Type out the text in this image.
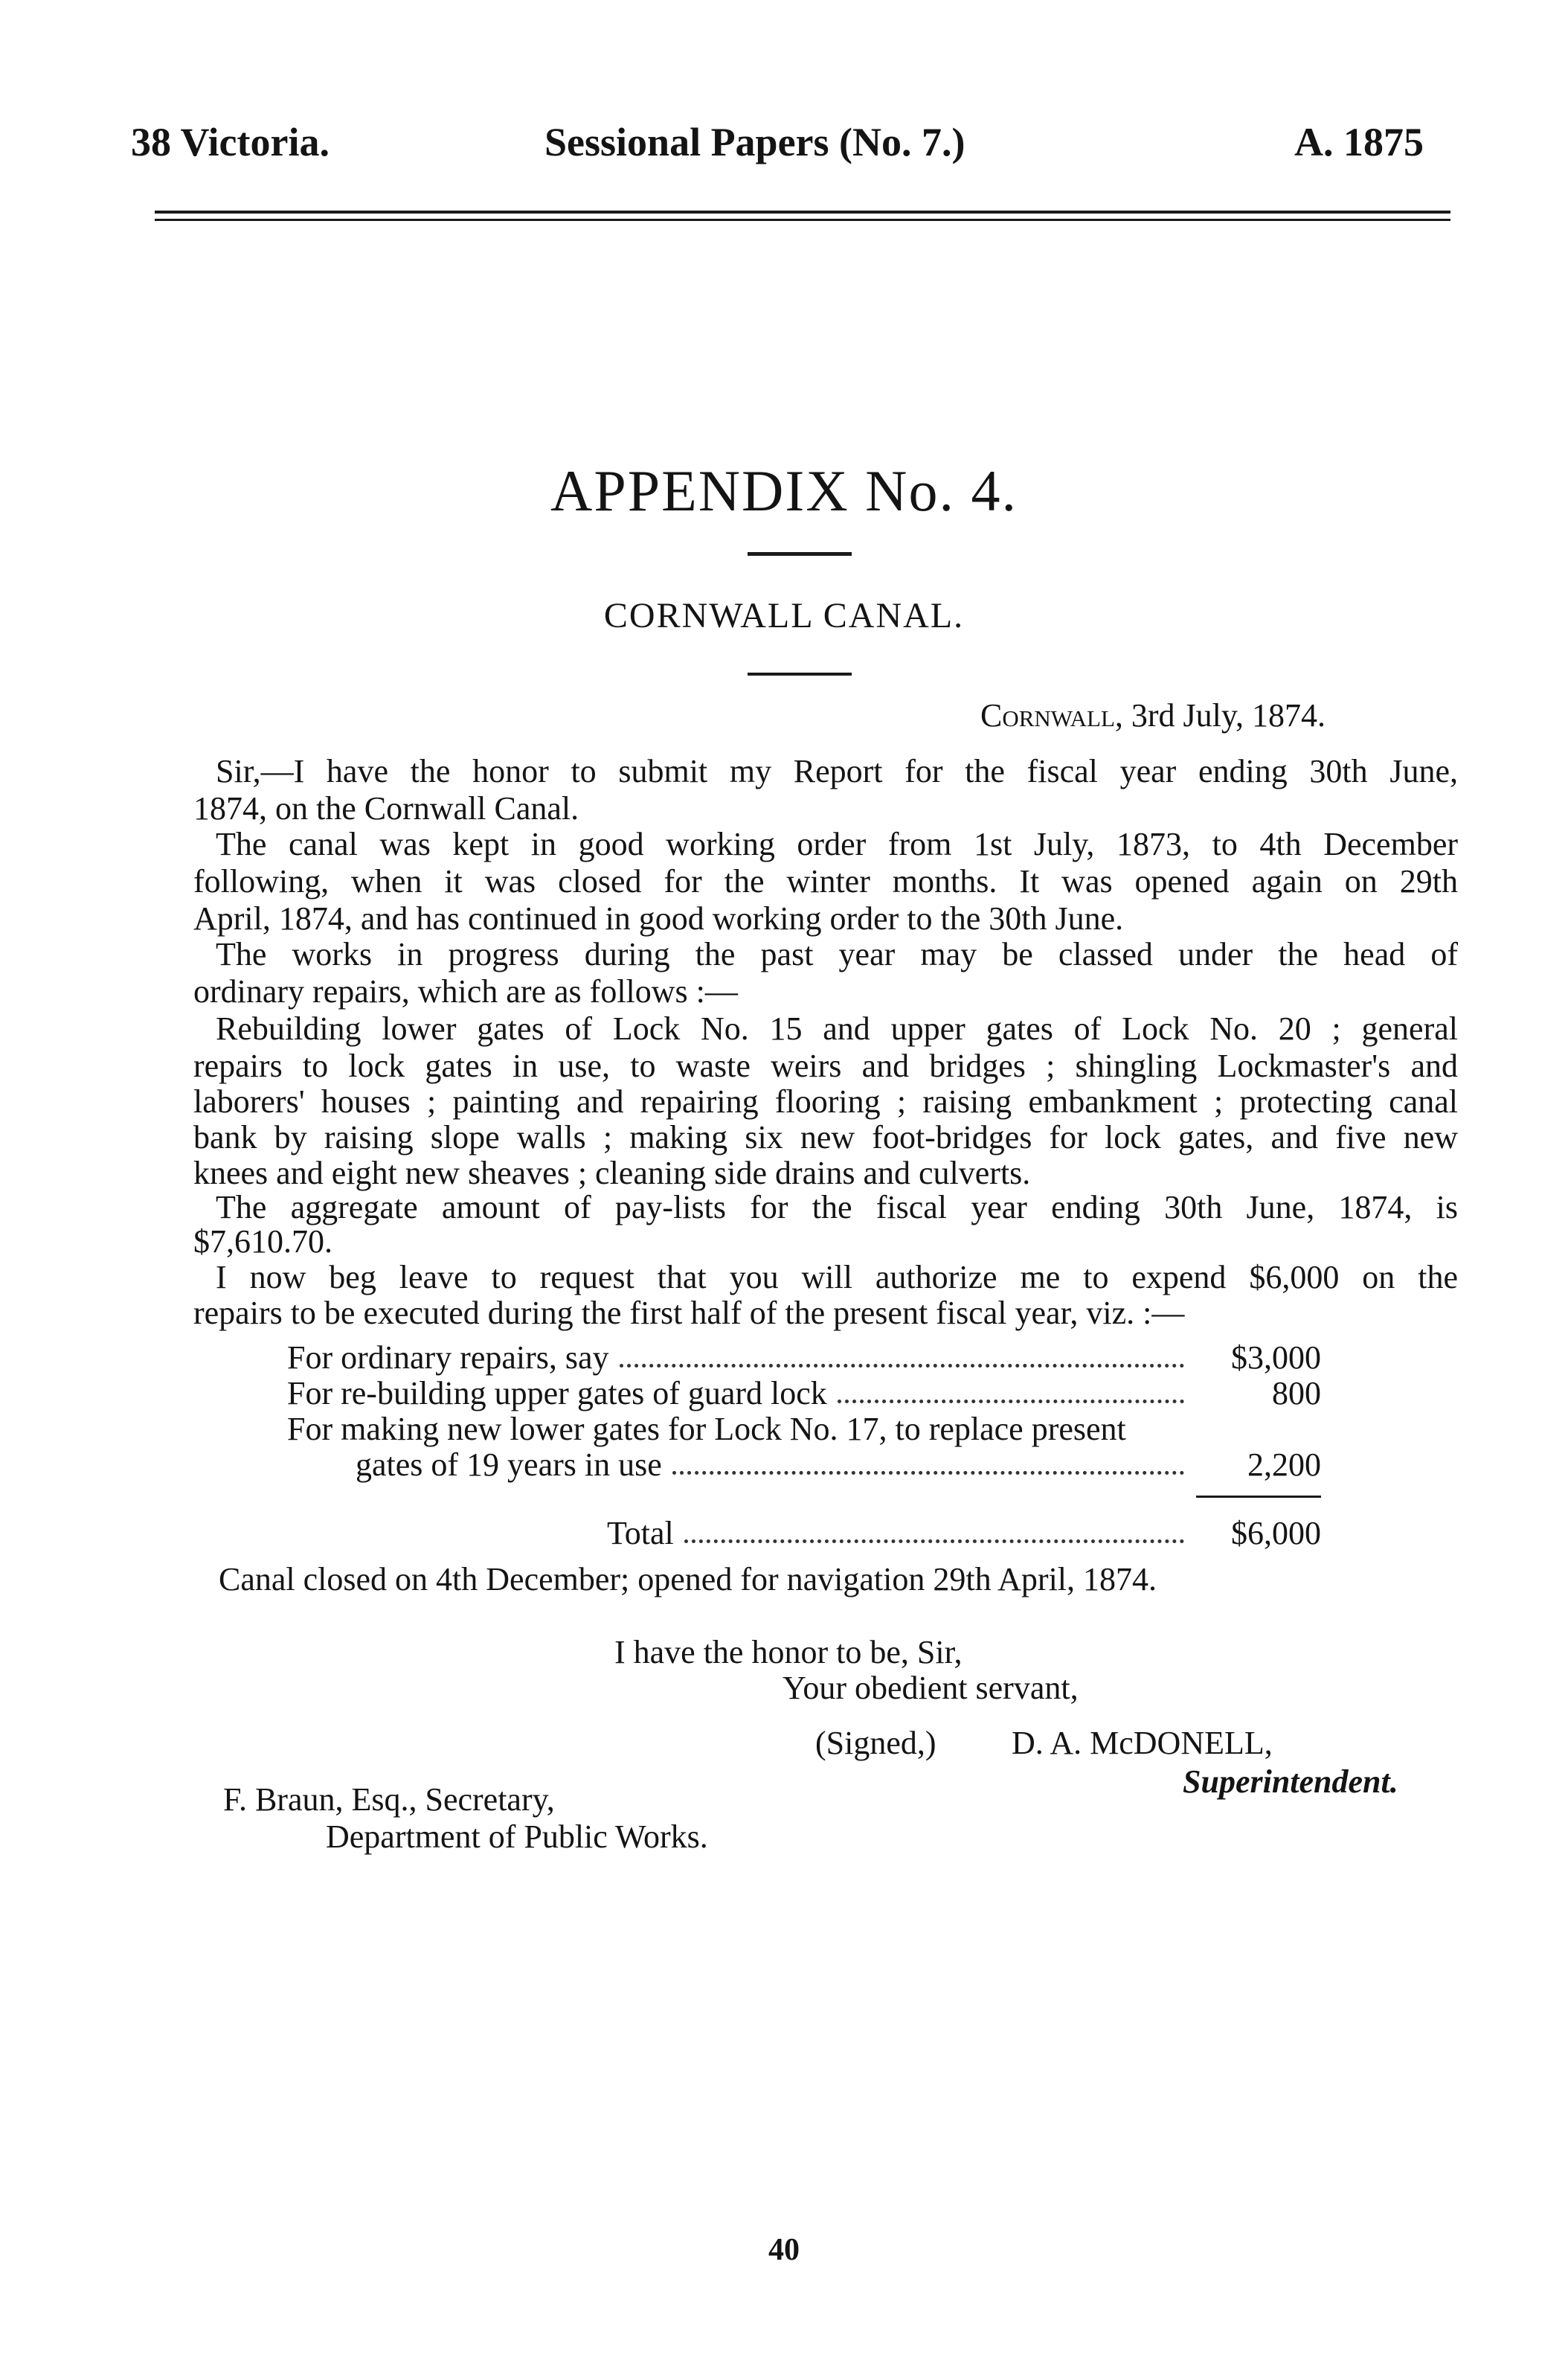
38 Victoria.	Sessional Papers (No. 7.)	A. 1875
APPENDIX No. 4.
CORNWALL CANAL.
Cornwall, 3rd July, 1874.
Sir,—I have the honor to submit my Report for the fiscal year ending 30th June,
1874, on the Cornwall Canal.
The canal was kept in good working order from 1st July, 1873, to 4th December
following, when it was closed for the winter months. It was opened again on 29th
April, 1874, and has continued in good working order to the 30th June.
The works in progress during the past year may be classed under the head of
ordinary repairs, which are as follows :—
Rebuilding lower gates of Lock No. 15 and upper gates of Lock No. 20 ; general
repairs to lock gates in use, to waste weirs and bridges ; shingling Lockmaster's and
laborers' houses ; painting and repairing flooring ; raising embankment ; protecting canal
bank by raising slope walls ; making six new foot-bridges for lock gates, and five new
knees and eight new sheaves ; cleaning side drains and culverts.
The aggregate amount of pay-lists for the fiscal year ending 30th June, 1874, is
$7,610.70.
I now beg leave to request that you will authorize me to expend $6,000 on the
repairs to be executed during the first half of the present fiscal year, viz. :—
For ordinary repairs, say	$3,000
For re-building upper gates of guard lock	800
For making new lower gates for Lock No. 17, to replace present
gates of 19 years in use	2,200
Total	$6,000
Canal closed on 4th December; opened for navigation 29th April, 1874.
I have the honor to be, Sir,
Your obedient servant,
(Signed,) D. A. McDONELL,
Superintendent.
F. Braun, Esq., Secretary,
Department of Public Works.
40
